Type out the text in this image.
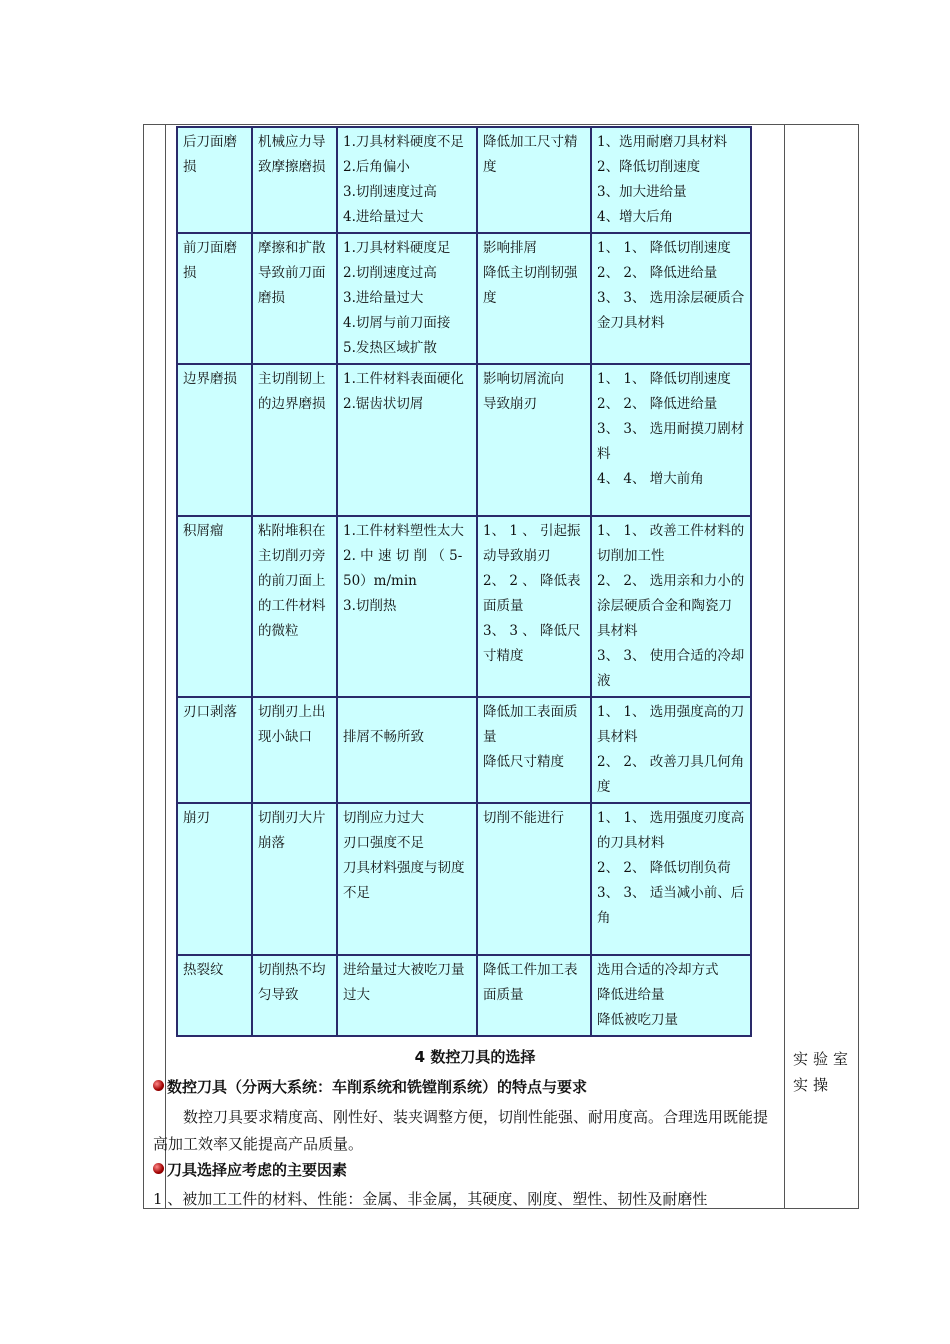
后刀面磨损	机械应力导致摩擦磨损	1.刀具材料硬度不足
2.后角偏小
3.切削速度过高
4.进给量过大	降低加工尺寸精度	1、选用耐磨刀具材料
2、降低切削速度
3、加大进给量
4、增大后角

前刀面磨损	摩擦和扩散导致前刀面磨损	1.刀具材料硬度足
2.切削速度过高
3.进给量过大
4.切屑与前刀面接
5.发热区域扩散	影响排屑
降低主切削韧强度	1、 1、 降低切削速度
2、 2、 降低进给量
3、 3、 选用涂层硬质合金刀具材料

边界磨损	主切削韧上的边界磨损	1.工件材料表面硬化
2.锯齿状切屑	影响切屑流向
导致崩刃	1、 1、 降低切削速度
2、 2、 降低进给量
3、 3、 选用耐摸刀剧材料
4、 4、 增大前角

积屑瘤	粘附堆积在主切削刃旁的前刀面上的工件材料的微粒	1.工件材料塑性太大
2. 中 速 切 削 （ 5-50）m/min
3.切削热	1、 1 、 引起振动导致崩刃
2、 2 、 降低表面质量
3、 3 、 降低尺寸精度	1、 1、 改善工件材料的切削加工性
2、 2、 选用亲和力小的涂层硬质合金和陶瓷刀具材料
3、 3、 使用合适的冷却液

刃口剥落	切削刃上出现小缺口	排屑不畅所致	降低加工表面质量
降低尺寸精度	1、 1、 选用强度高的刀具材料
2、 2、 改善刀具几何角度

崩刃	切削刃大片崩落	切削应力过大
刃口强度不足
刀具材料强度与韧度不足	切削不能进行	1、 1、 选用强度刃度高的刀具材料
2、 2、 降低切削负荷
3、 3、 适当减小前、后角

热裂纹	切削热不均匀导致	进给量过大被吃刀量过大	降低工件加工表面质量	选用合适的冷却方式
降低进给量
降低被吃刀量
实验室实操
4 数控刀具的选择
数控刀具（分两大系统：车削系统和铣镗削系统）的特点与要求
数控刀具要求精度高、刚性好、装夹调整方便，切削性能强、耐用度高。合理选用既能提高加工效率又能提高产品质量。
刀具选择应考虑的主要因素
1 、被加工工件的材料、性能：金属、非金属，其硬度、刚度、塑性、韧性及耐磨性
